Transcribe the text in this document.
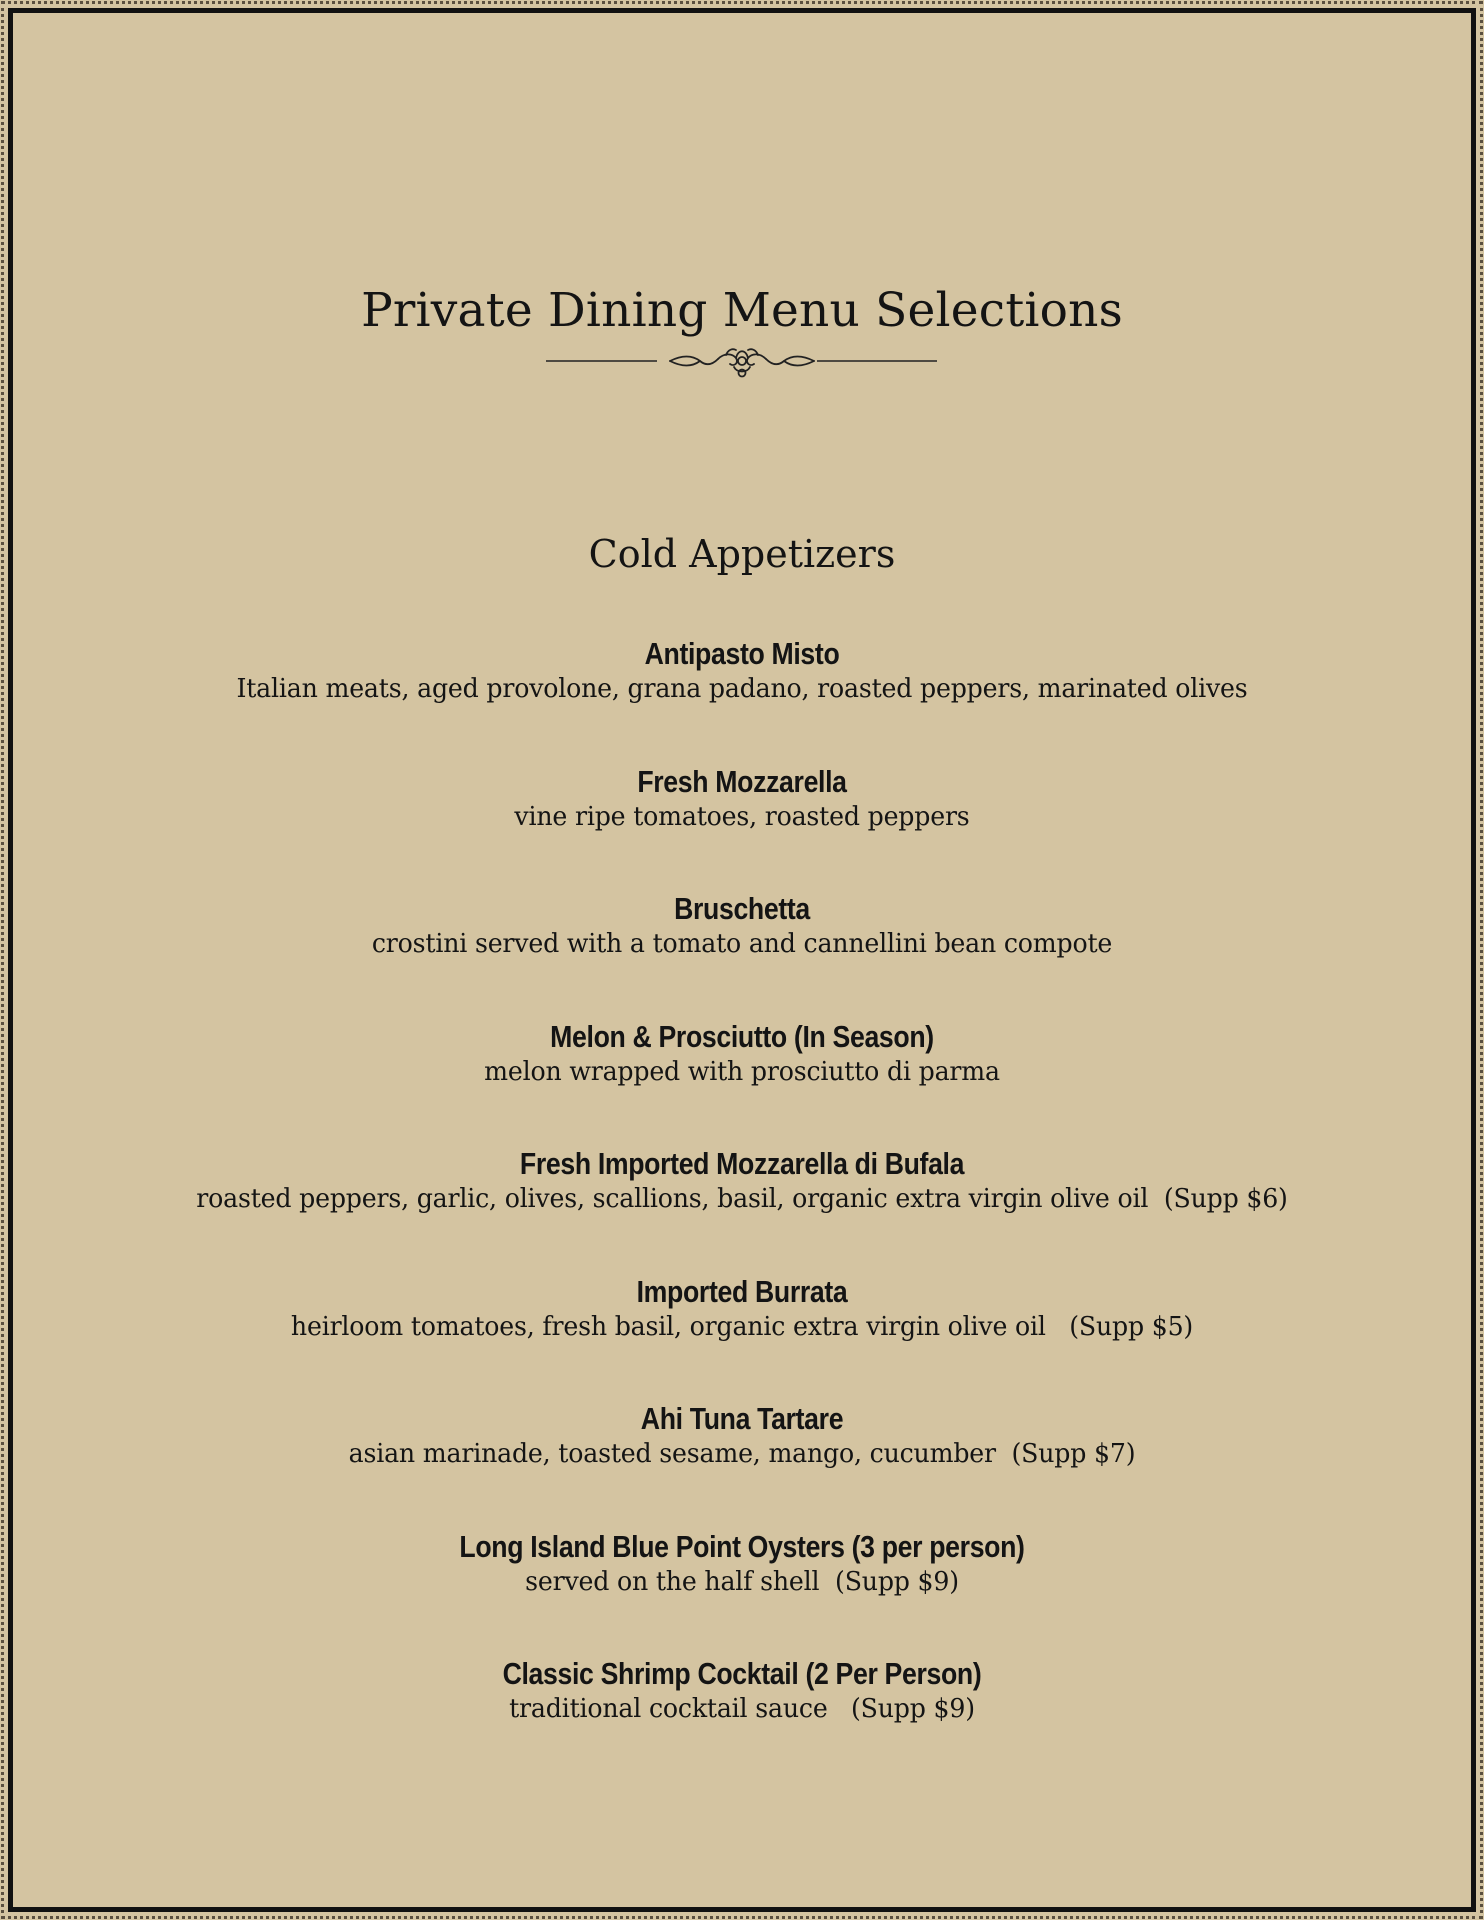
Private Dining Menu Selections
Cold Appetizers
Antipasto Misto
Italian meats, aged provolone, grana padano, roasted peppers, marinated olives
Fresh Mozzarella
vine ripe tomatoes, roasted peppers
Bruschetta
crostini served with a tomato and cannellini bean compote
Melon & Prosciutto (In Season)
melon wrapped with prosciutto di parma
Fresh Imported Mozzarella di Bufala
roasted peppers, garlic, olives, scallions, basil, organic extra virgin olive oil  (Supp $6)
Imported Burrata
heirloom tomatoes, fresh basil, organic extra virgin olive oil   (Supp $5)
Ahi Tuna Tartare
asian marinade, toasted sesame, mango, cucumber  (Supp $7)
Long Island Blue Point Oysters (3 per person)
served on the half shell  (Supp $9)
Classic Shrimp Cocktail (2 Per Person)
traditional cocktail sauce   (Supp $9)
